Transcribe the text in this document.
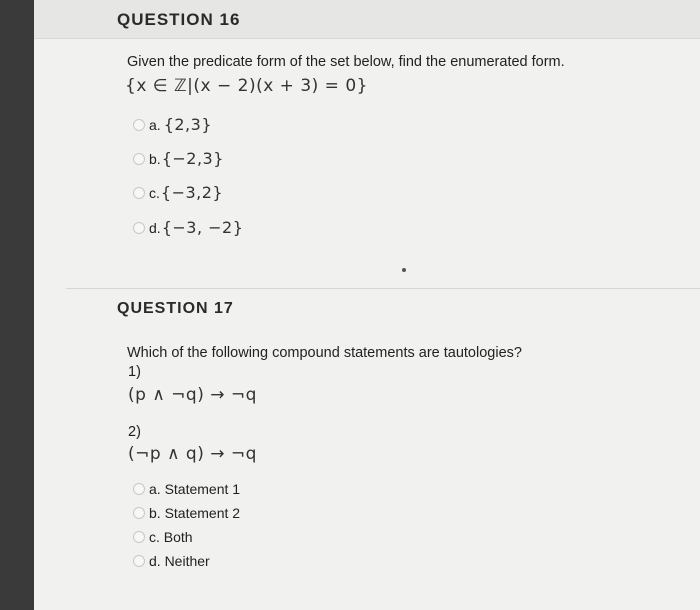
QUESTION 16
Given the predicate form of the set below, find the enumerated form.
{x ∈ ℤ|(x − 2)(x + 3) = 0}
a. {2,3}
b. {−2,3}
c. {−3,2}
d. {−3, −2}
QUESTION 17
Which of the following compound statements are tautologies?
1)
(p ∧ ¬q) → ¬q
2)
(¬p ∧ q) → ¬q
a. Statement 1
b. Statement 2
c. Both
d. Neither
